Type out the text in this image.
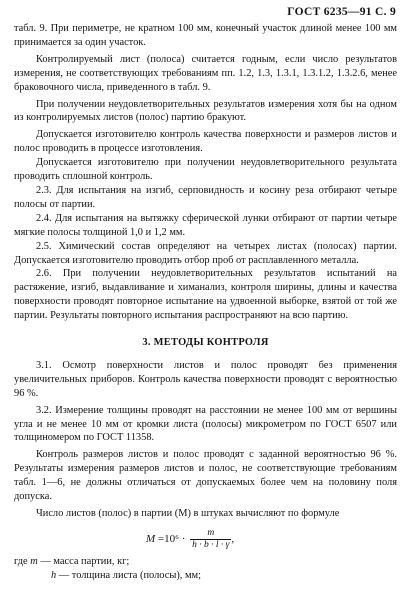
ГОСТ 6235—91 С. 9

табл. 9. При периметре, не кратном 100 мм, конечный участок длиной менее 100 мм принимается за один участок.

Контролируемый лист (полоса) считается годным, если число результатов измерения, не соответствующих требованиям пп. 1.2, 1.3, 1.3.1, 1.3.1.2, 1.3.2.6, менее браковочного числа, приведенного в табл. 9.

При получении неудовлетворительных результатов измерения хотя бы на одном из контролируемых листов (полос) партию бракуют.

Допускается изготовителю контроль качества поверхности и размеров листов и полос проводить в процессе изготовления.

Допускается изготовителю при получении неудовлетворительного результата проводить сплошной контроль.

2.3. Для испытания на изгиб, серповидность и косину реза отбирают четыре полосы от партии.

2.4. Для испытания на вытяжку сферической лунки отбирают от партии четыре мягкие полосы толщиной 1,0 и 1,2 мм.

2.5. Химический состав определяют на четырех листах (полосах) партии. Допускается изготовителю проводить отбор проб от расплавленного металла.

2.6. При получении неудовлетворительных результатов испытаний на растяжение, изгиб, выдавливание и химанализ, контроля ширины, длины и качества поверхности проводят повторное испытание на удвоенной выборке, взятой от той же партии. Результаты повторного испытания распространяют на всю партию.

3. МЕТОДЫ КОНТРОЛЯ

3.1. Осмотр поверхности листов и полос проводят без применения увеличительных приборов. Контроль качества поверхности проводят с вероятностью 96 %.

3.2. Измерение толщины проводят на расстоянии не менее 100 мм от вершины угла и не менее 10 мм от кромки листа (полосы) микрометром по ГОСТ 6507 или толщиномером по ГОСТ 11358.

Контроль размеров листов и полос проводят с заданной вероятностью 96 %. Результаты измерения размеров листов и полос, не соответствующие требованиям табл. 1—6, не должны отличаться от допускаемых более чем на половину поля допуска.

Число листов (полос) в партии (M) в штуках вычисляют по формуле

$M =10^6 \cdot \frac{m}{h \cdot b \cdot l \cdot \gamma}$ ,
где m — масса партии, кг;
h — толщина листа (полосы), мм;
